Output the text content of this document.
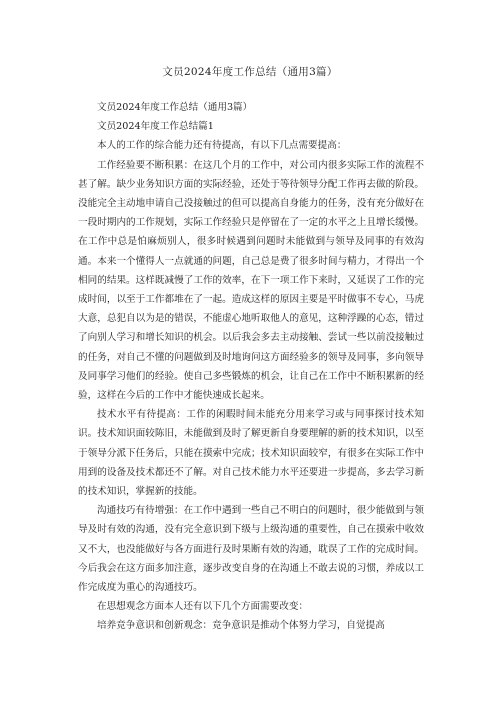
文员2024年度工作总结（通用3篇）

文员2024年度工作总结（通用3篇）

文员2024年度工作总结篇1

本人的工作的综合能力还有待提高，有以下几点需要提高：

工作经验要不断积累：在这几个月的工作中，对公司内很多实际工作的流程不甚了解。缺少业务知识方面的实际经验，还处于等待领导分配工作再去做的阶段。没能完全主动地申请自己没接触过的但可以提高自身能力的任务，没有充分做好在一段时期内的工作规划，实际工作经验只是停留在了一定的水平之上且增长缓慢。在工作中总是怕麻烦别人，很多时候遇到问题时未能做到与领导及同事的有效沟通。本来一个懂得人一点就通的问题，自己总是费了很多时间与精力，才得出一个相同的结果。这样既减慢了工作的效率，在下一项工作下来时，又延误了工作的完成时间，以至于工作都堆在了一起。造成这样的原因主要是平时做事不专心，马虎大意，总犯自以为是的错误，不能虚心地听取他人的意见，这种浮躁的心态，错过了向别人学习和增长知识的机会。以后我会多去主动接触、尝试一些以前没接触过的任务，对自己不懂的问题做到及时地询问这方面经验多的领导及同事，多向领导及同事学习他们的经验。使自己多些锻炼的机会，让自己在工作中不断积累新的经验，这样在今后的工作中才能快速成长起来。

技术水平有待提高：工作的闲暇时间未能充分用来学习或与同事探讨技术知识。技术知识面较陈旧，未能做到及时了解更新自身要理解的新的技术知识，以至于领导分派下任务后，只能在摸索中完成；技术知识面较窄，有很多在实际工作中用到的设备及技术都还不了解。对自己技术能力水平还要进一步提高，多去学习新的技术知识，掌握新的技能。

沟通技巧有待增强：在工作中遇到一些自己不明白的问题时，很少能做到与领导及时有效的沟通，没有完全意识到下级与上级沟通的重要性，自己在摸索中收效又不大，也没能做好与各方面进行及时果断有效的沟通，耽误了工作的完成时间。今后我会在这方面多加注意，逐步改变自身的在沟通上不敢去说的习惯，养成以工作完成度为重心的沟通技巧。

在思想观念方面本人还有以下几个方面需要改变：

培养竞争意识和创新观念：竞争意识是推动个体努力学习，自觉提高
